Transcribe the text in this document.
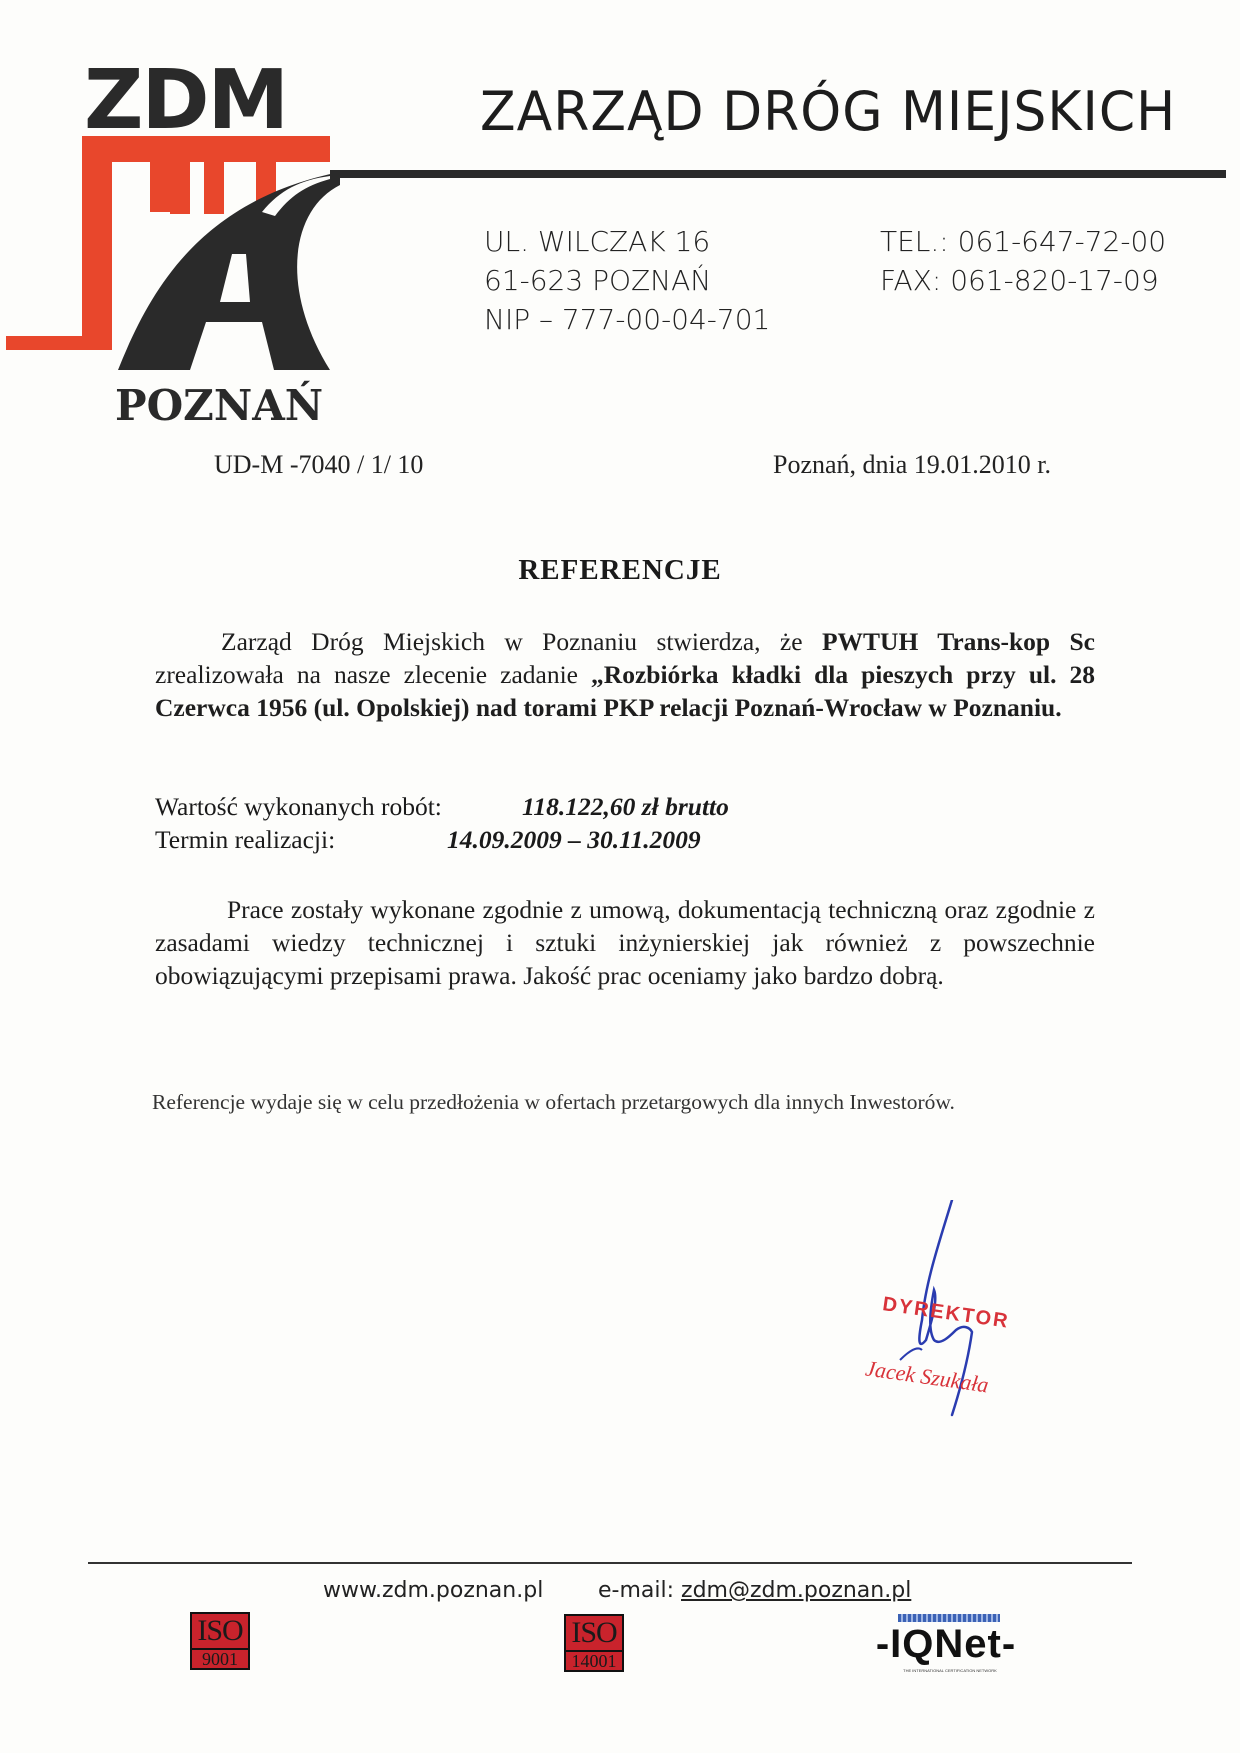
ZDM
POZNAŃ
ZARZĄD DRÓG MIEJSKICH
UL. WILCZAK 16
61-623 POZNAŃ
NIP – 777-00-04-701
TEL.: 061-647-72-00
FAX: 061-820-17-09
UD-M -7040 / 1/ 10	Poznań, dnia 19.01.2010 r.
REFERENCJE
Zarząd Dróg Miejskich w Poznaniu stwierdza, że PWTUH Trans-kop Sc zrealizowała na nasze zlecenie zadanie „Rozbiórka kładki dla pieszych przy ul. 28 Czerwca 1956 (ul. Opolskiej) nad torami PKP relacji Poznań-Wrocław w Poznaniu.
Wartość wykonanych robót:	118.122,60 zł brutto
Termin realizacji:	14.09.2009 – 30.11.2009
Prace zostały wykonane zgodnie z umową, dokumentacją techniczną oraz zgodnie z zasadami wiedzy technicznej i sztuki inżynierskiej jak również z powszechnie obowiązującymi przepisami prawa. Jakość prac oceniamy jako bardzo dobrą.
Referencje wydaje się w celu przedłożenia w ofertach przetargowych dla innych Inwestorów.
DYREKTOR
Jacek Szukała
www.zdm.poznan.pl e-mail: zdm@zdm.poznan.pl
ISO
9001
ISO
14001	-IQNet-
THE INTERNATIONAL CERTIFICATION NETWORK
